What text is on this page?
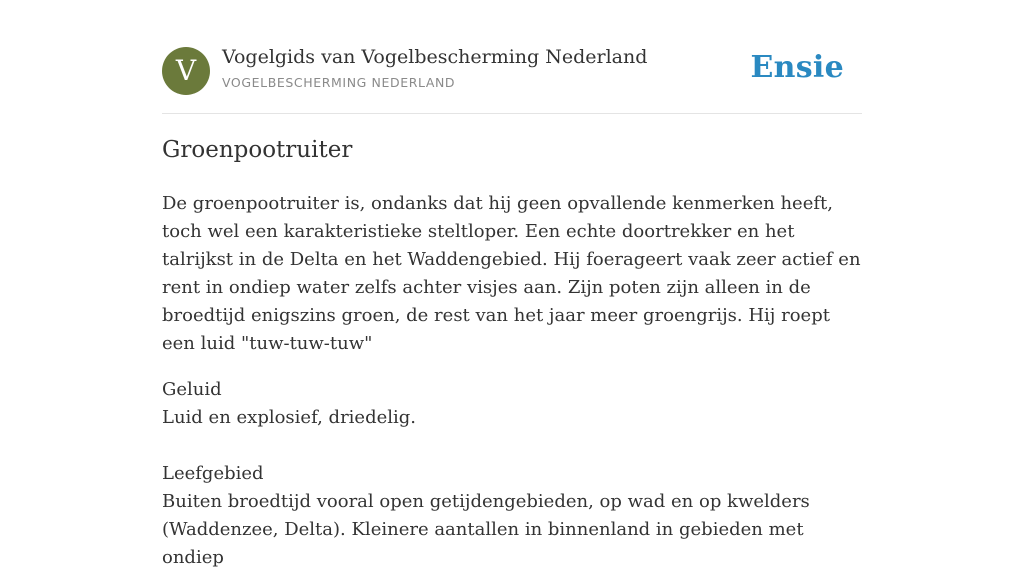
V	Vogelgids van Vogelbescherming Nederland
VOGELBESCHERMING NEDERLAND	Ensie
Groenpootruiter

De groenpootruiter is, ondanks dat hij geen opvallende kenmerken heeft, toch wel een karakteristieke steltloper. Een echte doortrekker en het talrijkst in de Delta en het Waddengebied. Hij foerageert vaak zeer actief en rent in ondiep water zelfs achter visjes aan. Zijn poten zijn alleen in de broedtijd enigszins groen, de rest van het jaar meer groengrijs. Hij roept een luid "tuw-tuw-tuw"

Geluid
Luid en explosief, driedelig.
Leefgebied
Buiten broedtijd vooral open getijdengebieden, op wad en op kwelders (Waddenzee, Delta). Kleinere aantallen in binnenland in gebieden met ondiep
